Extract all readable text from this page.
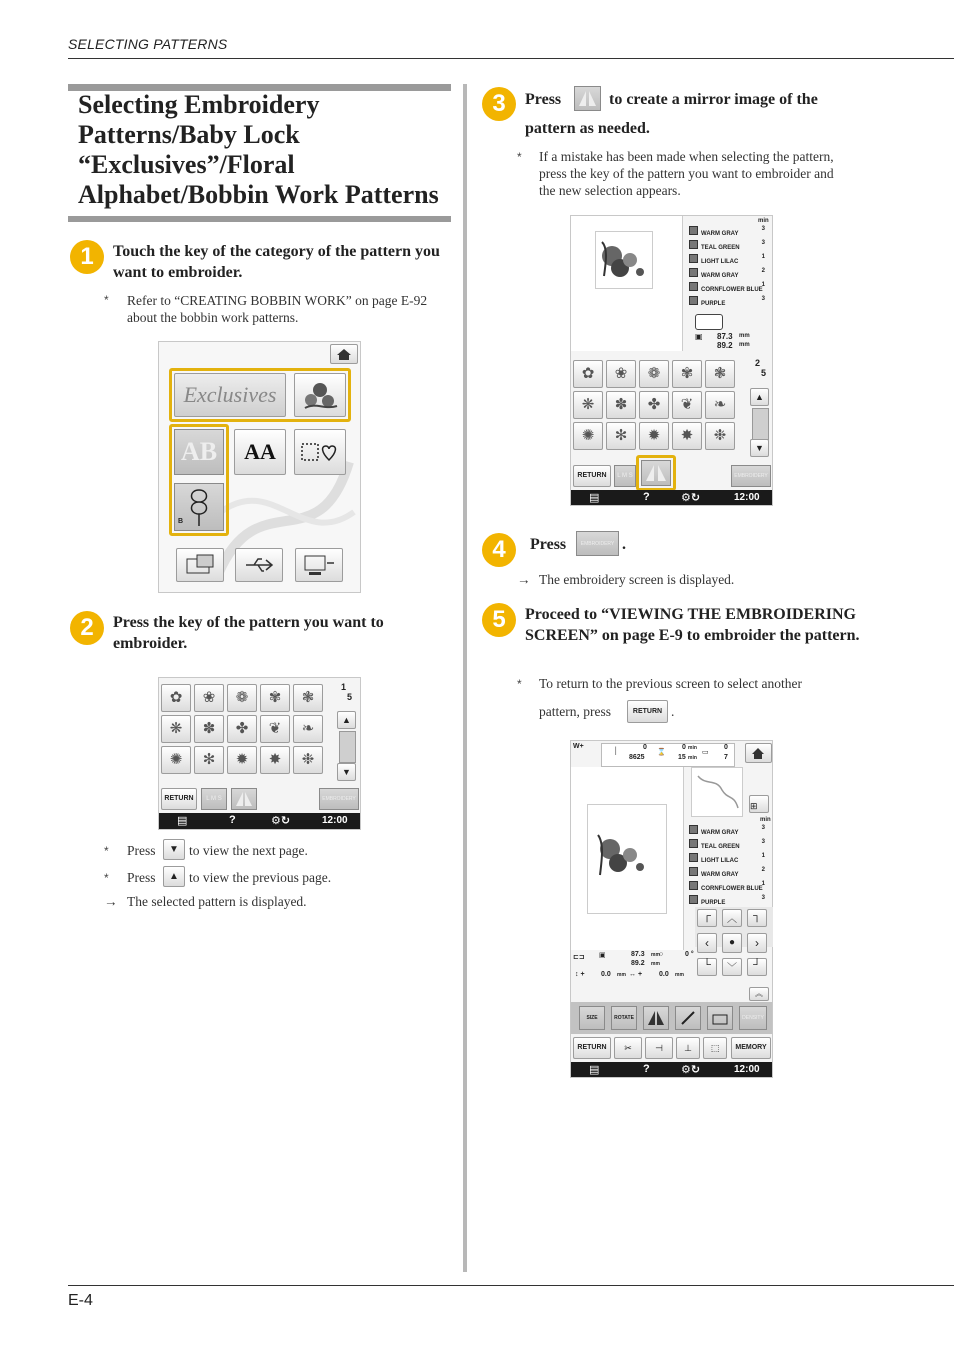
SELECTING PATTERNS
Selecting Embroidery Patterns/Baby Lock “Exclusives”/Floral Alphabet/Bobbin Work Patterns
1	Touch the key of the category of the pattern you want to embroider.
* Refer to “CREATING BOBBIN WORK” on page E-92 about the bobbin work patterns.
Exclusives
AB	AA
B
2	Press the key of the pattern you want to embroider.
✿	❀	❁	✾	❃
❋	✽	✤	❦	❧
✺	✻	✹	✸	❉
1
5
▲
▼
RETURN	L M S	EMBROIDERY
▤	?	⚙↻	12:00
* Press	▼ to view the next page.
* Press	▲ to view the previous page.
→ The selected pattern is displayed.
3	Press	to create a mirror image of the
pattern as needed.
* If a mistake has been made when selecting the pattern, press the key of the pattern you want to embroider and the new selection appears.
min
WARM GRAY
3
TEAL GREEN
3
LIGHT LILAC
1
WARM GRAY
2
CORNFLOWER BLUE
1
PURPLE
3
▣ 87.3 mm
89.2 mm
✿	❀	❁	✾	❃
❋	✽	✤	❦	❧
✺	✻	✹	✸	❉
2
5
▲
▼
RETURN	L M S	EMBROIDERY
▤	?	⚙↻	12:00
4	Press	EMBROIDERY .
→ The embroidery screen is displayed.
5	Proceed to “VIEWING THE EMBROIDERING SCREEN” on page E-9 to embroider the pattern.
* To return to the previous screen to select another
pattern, press	RETURN .
W+
│
0
8625
⌛
0 min
15 min
▭
0
7
⊞
min
WARM GRAY
3
TEAL GREEN
3
LIGHT LILAC
1
WARM GRAY
2
CORNFLOWER BLUE
1
PURPLE
3
┌	︿	┐
‹	●	›
└	﹀	┘
⊏⊐ ▣	87.3 mm
89.2 mm
○	0 °
↕ + 0.0 mm ↔ + 0.0 mm
︽
SIZE	ROTATE	DENSITY
RETURN	✂	⊣	⊥	⬚	MEMORY
▤	?	⚙↻	12:00
E-4
